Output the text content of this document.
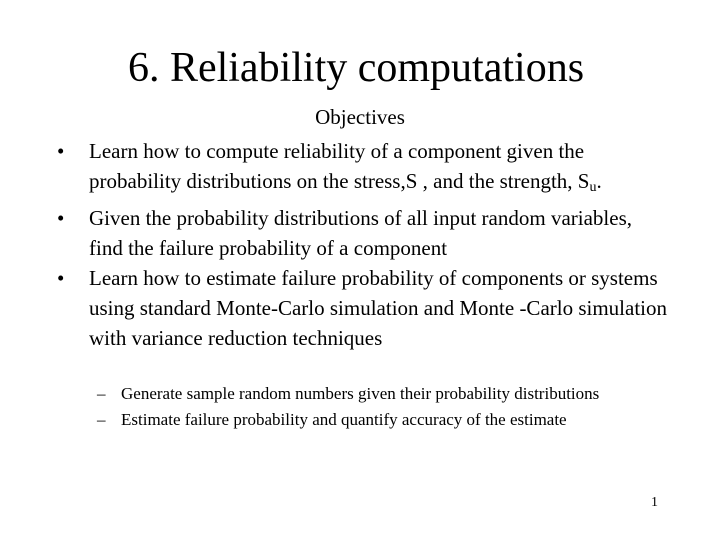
6. Reliability computations
Objectives
• Learn how to compute reliability of a component given the probability distributions on the stress,S , and the strength, $S_u$.
• Given the probability distributions of all input random variables, find the failure probability of a component
• Learn how to estimate failure probability of components or systems using standard Monte-Carlo simulation and Monte -Carlo simulation with variance reduction techniques
– Generate sample random numbers given their probability distributions
– Estimate failure probability and quantify accuracy of the estimate
1
